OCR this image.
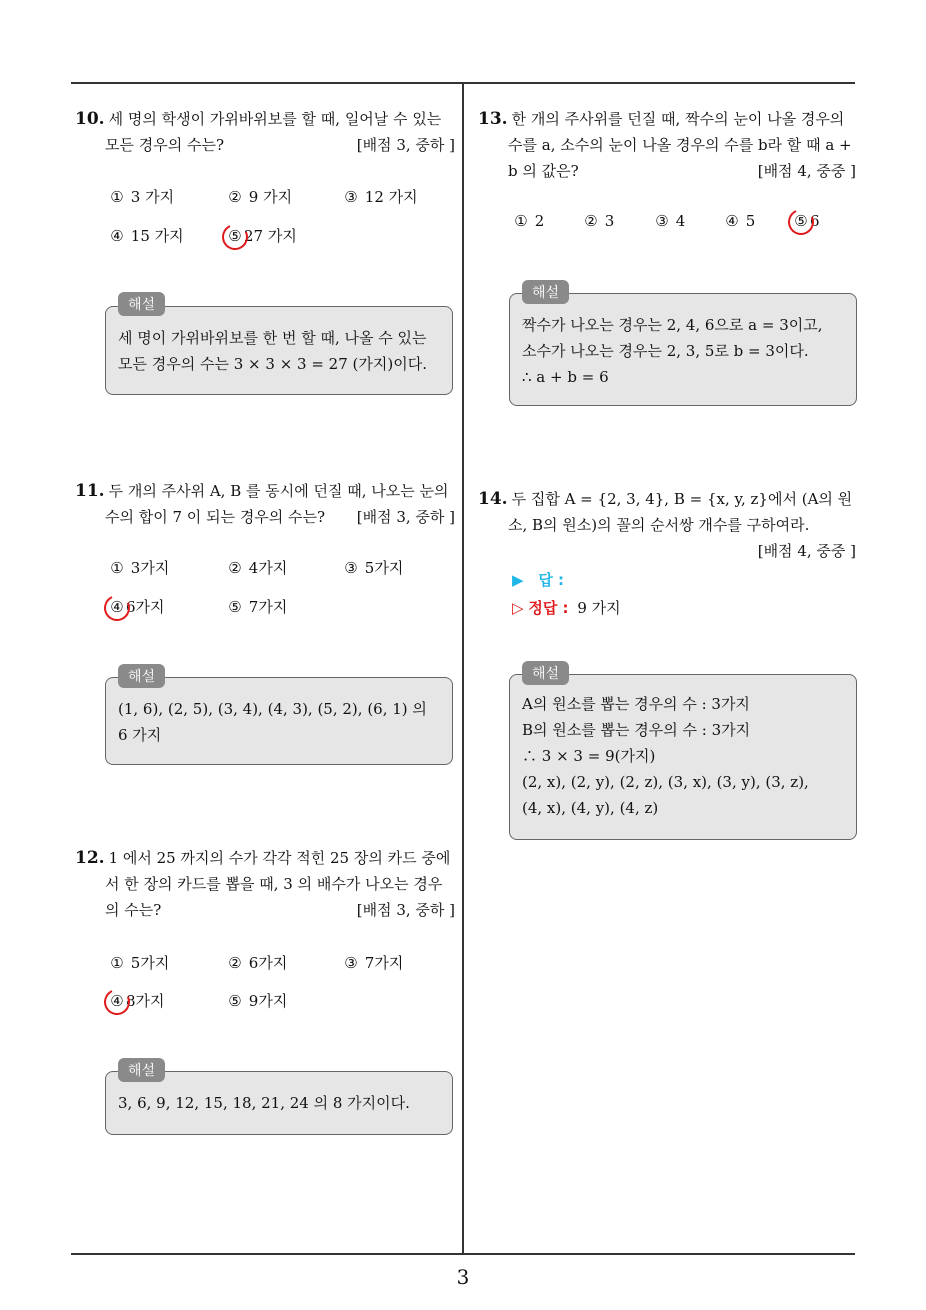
10. 세 명의 학생이 가위바위보를 할 때, 일어날 수 있는 모든 경우의 수는?	[배점 3, 중하 ]
① 3 가지	② 9 가지	③ 12 가지
④ 15 가지	⑤ 27 가지
세 명이 가위바위보를 한 번 할 때, 나올 수 있는
모든 경우의 수는 3 × 3 × 3 = 27 (가지)이다.
해설
11. 두 개의 주사위 A, B 를 동시에 던질 때, 나오는 눈의 수의 합이 7 이 되는 경우의 수는?	[배점 3, 중하 ]
① 3가지	② 4가지	③ 5가지
④ 6가지	⑤ 7가지
(1, 6), (2, 5), (3, 4), (4, 3), (5, 2), (6, 1) 의
6 가지
해설
12. 1 에서 25 까지의 수가 각각 적힌 25 장의 카드 중에서 한 장의 카드를 뽑을 때, 3 의 배수가 나오는 경우의 수는?	[배점 3, 중하 ]
① 5가지	② 6가지	③ 7가지
④ 8가지	⑤ 9가지
3, 6, 9, 12, 15, 18, 21, 24 의 8 가지이다.
해설
13. 한 개의 주사위를 던질 때, 짝수의 눈이 나올 경우의 수를 a, 소수의 눈이 나올 경우의 수를 b라 할 때 a + b 의 값은?	[배점 4, 중중 ]
① 2	② 3	③ 4	④ 5	⑤ 6
짝수가 나오는 경우는 2, 4, 6으로 a = 3이고,
소수가 나오는 경우는 2, 3, 5로 b = 3이다.
∴ a + b = 6
해설
14. 두 집합 A = {2, 3, 4}, B = {x, y, z}에서 (A의 원소, B의 원소)의 꼴의 순서쌍 개수를 구하여라.
[배점 4, 중중 ]
▶ 답 :
▷ 정답 : 9 가지
A의 원소를 뽑는 경우의 수 : 3가지
B의 원소를 뽑는 경우의 수 : 3가지
∴ 3 × 3 = 9(가지)
(2, x), (2, y), (2, z), (3, x), (3, y), (3, z),
(4, x), (4, y), (4, z)
해설
3
